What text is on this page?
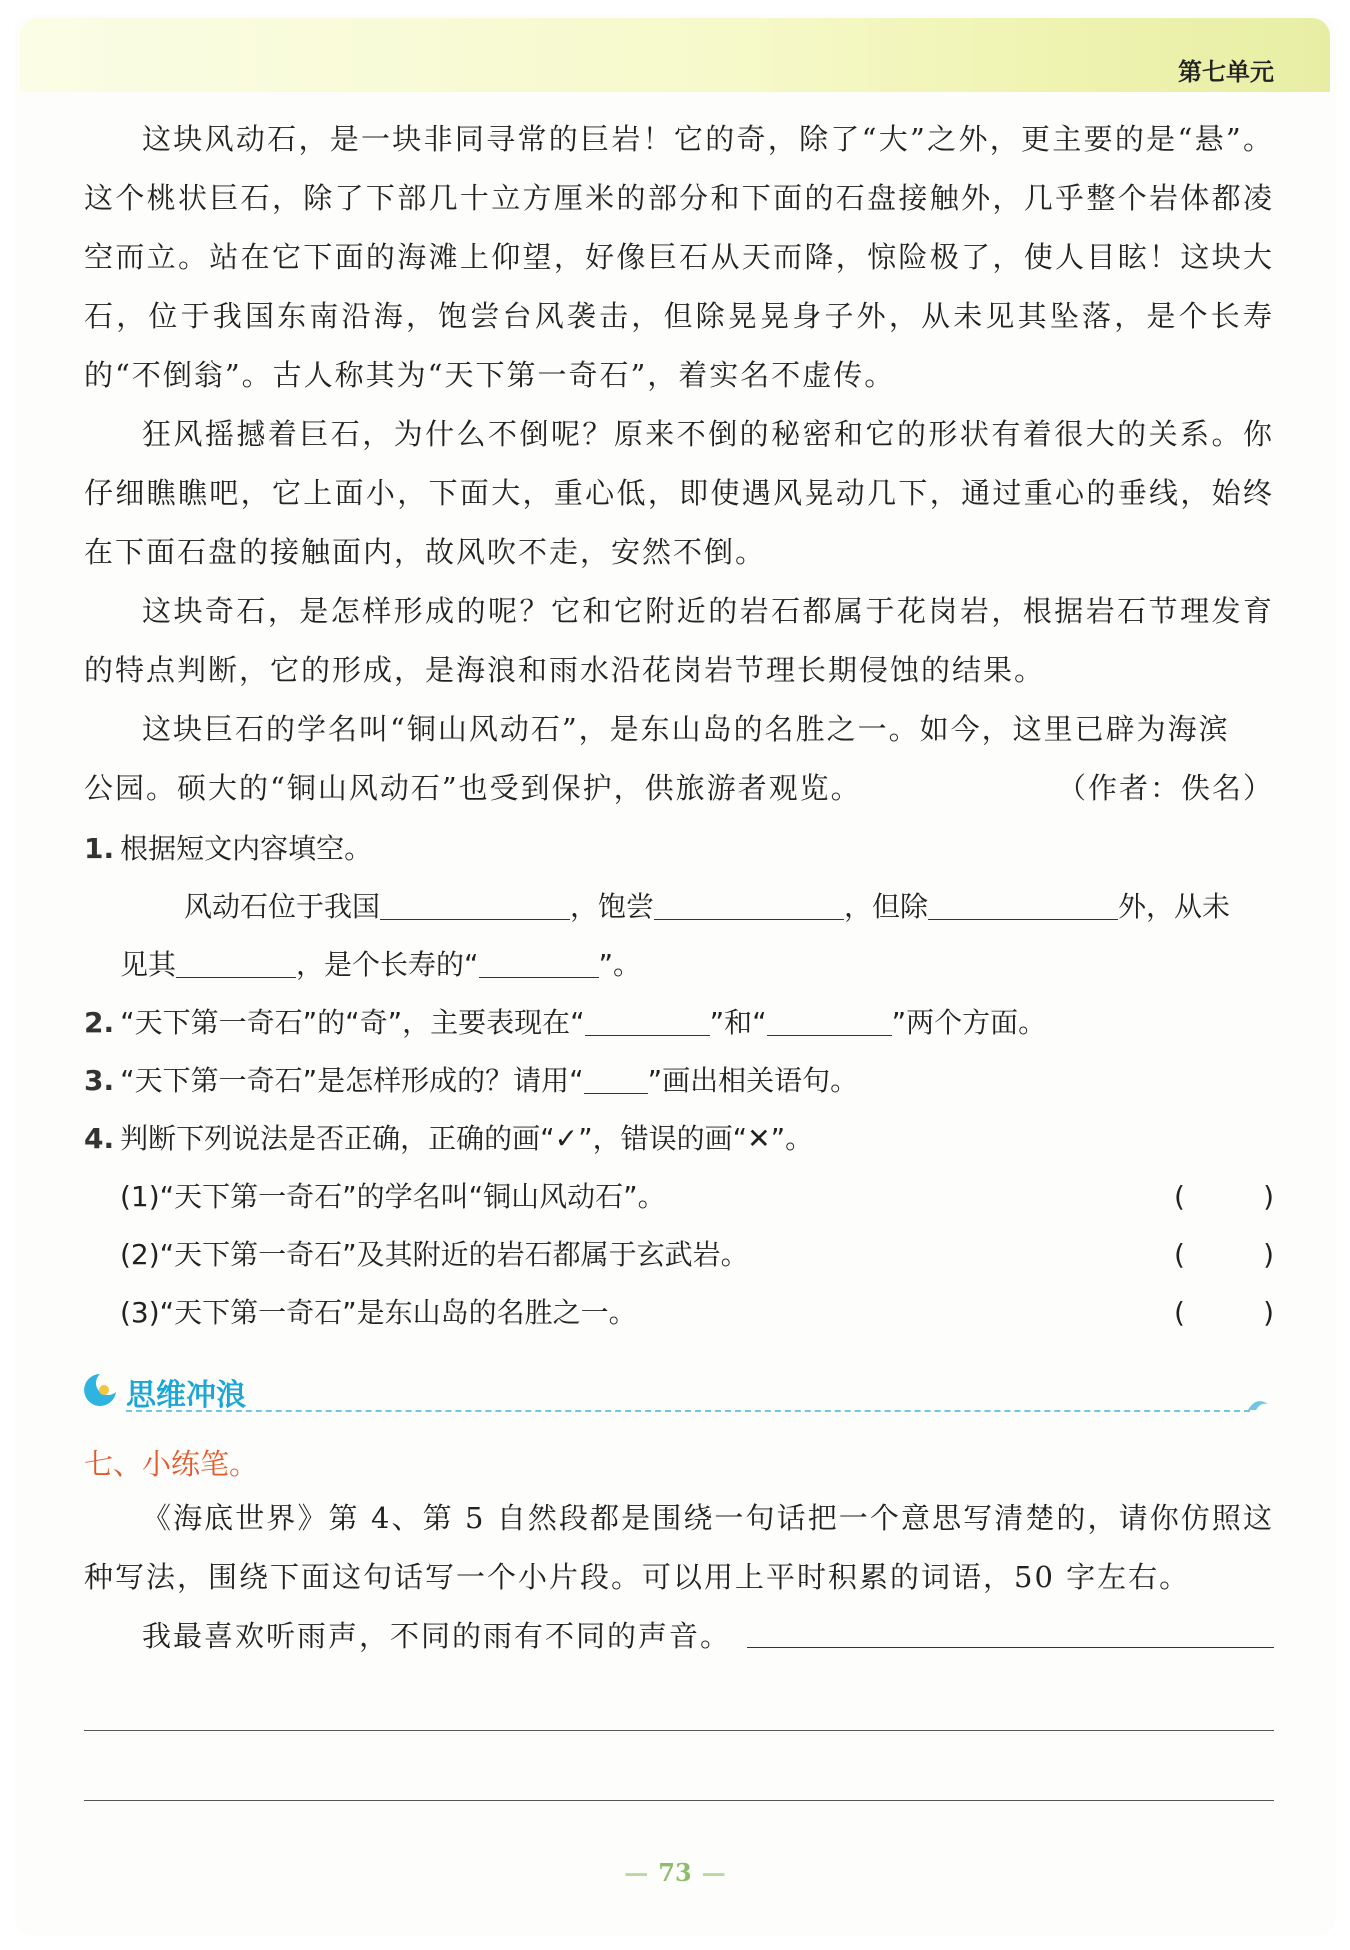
第七单元

这块风动石，是一块非同寻常的巨岩！它的奇，除了“大”之外，更主要的是“悬”。这个桃状巨石，除了下部几十立方厘米的部分和下面的石盘接触外，几乎整个岩体都凌空而立。站在它下面的海滩上仰望，好像巨石从天而降，惊险极了，使人目眩！这块大石，位于我国东南沿海，饱尝台风袭击，但除晃晃身子外，从未见其坠落，是个长寿的“不倒翁”。古人称其为“天下第一奇石”，着实名不虚传。

狂风摇撼着巨石，为什么不倒呢？原来不倒的秘密和它的形状有着很大的关系。你仔细瞧瞧吧，它上面小，下面大，重心低，即使遇风晃动几下，通过重心的垂线，始终在下面石盘的接触面内，故风吹不走，安然不倒。

这块奇石，是怎样形成的呢？它和它附近的岩石都属于花岗岩，根据岩石节理发育的特点判断，它的形成，是海浪和雨水沿花岗岩节理长期侵蚀的结果。

这块巨石的学名叫“铜山风动石”，是东山岛的名胜之一。如今，这里已辟为海滨

公园。硕大的“铜山风动石”也受到保护，供旅游者观览。	（作者：佚名）
1. 根据短文内容填空。
风动石位于我国	，饱尝	，但除	外，从未
见其	，是个长寿的“	”。
2. “天下第一奇石”的“奇”，主要表现在“	”和“	”两个方面。
3. “天下第一奇石”是怎样形成的？请用“ ”画出相关语句。
4. 判断下列说法是否正确，正确的画“✓”，错误的画“✕”。
(1)“天下第一奇石”的学名叫“铜山风动石”。	(	)
(2)“天下第一奇石”及其附近的岩石都属于玄武岩。	(	)
(3)“天下第一奇石”是东山岛的名胜之一。	(	)
思维冲浪
七、小练笔。

《海底世界》第 4、第 5 自然段都是围绕一句话把一个意思写清楚的，请你仿照这种写法，围绕下面这句话写一个小片段。可以用上平时积累的词语，50 字左右。

我最喜欢听雨声，不同的雨有不同的声音。
— 73 —
